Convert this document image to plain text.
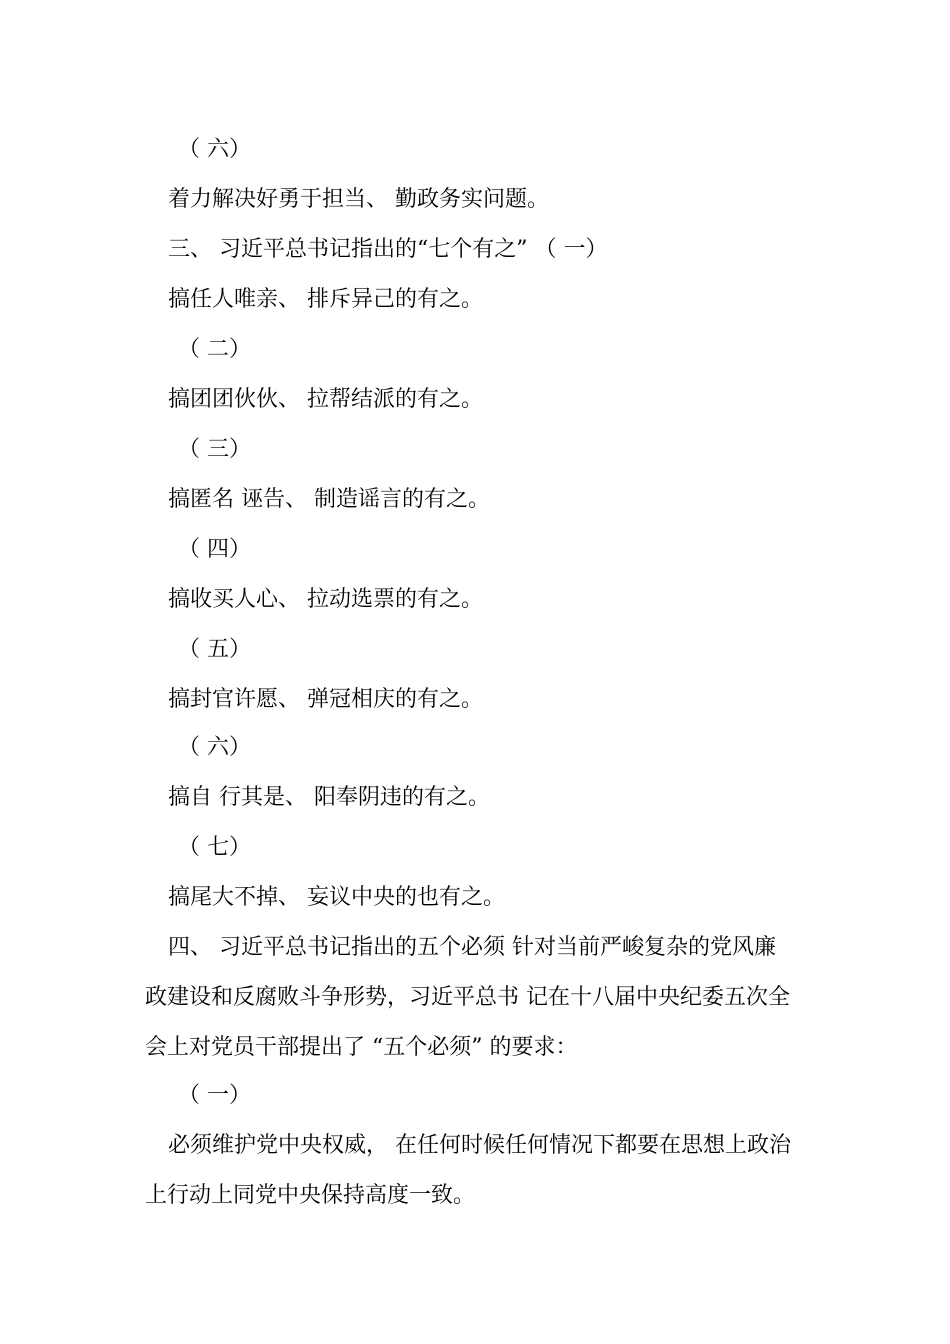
（ 六）

着力解决好勇于担当、 勤政务实问题。

三、 习近平总书记指出的“七个有之” （ 一）

搞任人唯亲、 排斥异己的有之。

（ 二）

搞团团伙伙、 拉帮结派的有之。

（ 三）

搞匿名 诬告、 制造谣言的有之。

（ 四）

搞收买人心、 拉动选票的有之。

（ 五）

搞封官许愿、 弹冠相庆的有之。

（ 六）

搞自 行其是、 阳奉阴违的有之。

（ 七）

搞尾大不掉、 妄议中央的也有之。

四、 习近平总书记指出的五个必须 针对当前严峻复杂的党风廉

政建设和反腐败斗争形势，习近平总书 记在十八届中央纪委五次全

会上对党员干部提出了 “五个必须” 的要求：

（ 一）

必须维护党中央权威， 在任何时候任何情况下都要在思想上政治

上行动上同党中央保持高度一致。
